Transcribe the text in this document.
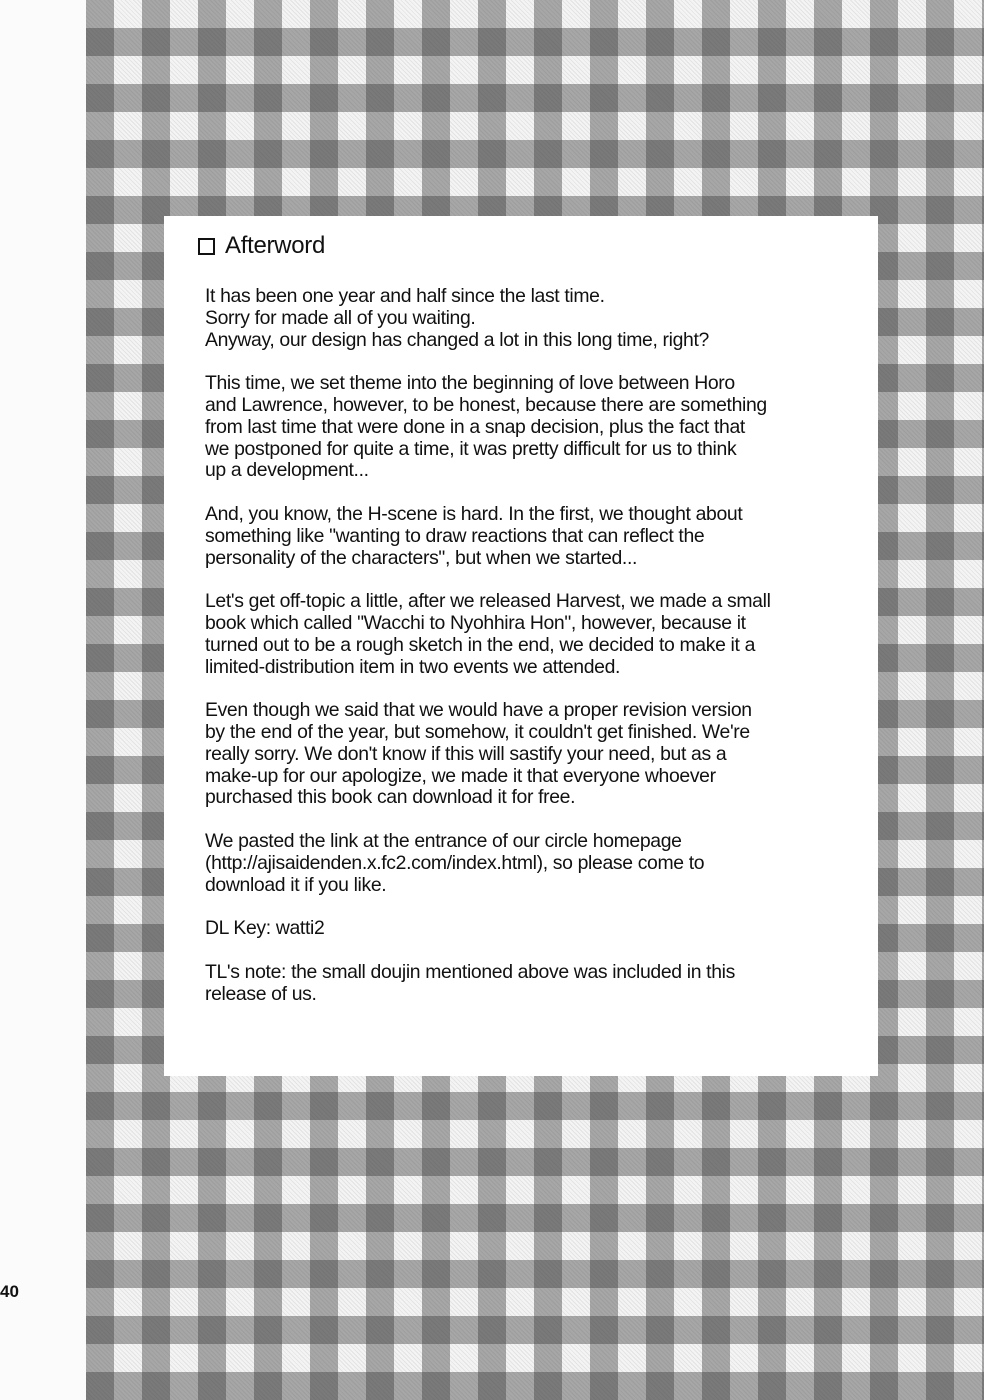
Afterword
It has been one year and half since the last time.
Sorry for made all of you waiting.
Anyway, our design has changed a lot in this long time, right?
This time, we set theme into the beginning of love between Horo
and Lawrence, however, to be honest, because there are something
from last time that were done in a snap decision, plus the fact that
we postponed for quite a time, it was pretty difficult for us to think
up a development...
And, you know, the H-scene is hard. In the first, we thought about
something like "wanting to draw reactions that can reflect the
personality of the characters", but when we started...
Let's get off-topic a little, after we released Harvest, we made a small
book which called "Wacchi to Nyohhira Hon", however, because it
turned out to be a rough sketch in the end, we decided to make it a
limited-distribution item in two events we attended.
Even though we said that we would have a proper revision version
by the end of the year, but somehow, it couldn't get finished. We're
really sorry. We don't know if this will sastify your need, but as a
make-up for our apologize, we made it that everyone whoever
purchased this book can download it for free.
We pasted the link at the entrance of our circle homepage
(http://ajisaidenden.x.fc2.com/index.html), so please come to
download it if you like.
DL Key: watti2
TL's note: the small doujin mentioned above was included in this
release of us.
40
